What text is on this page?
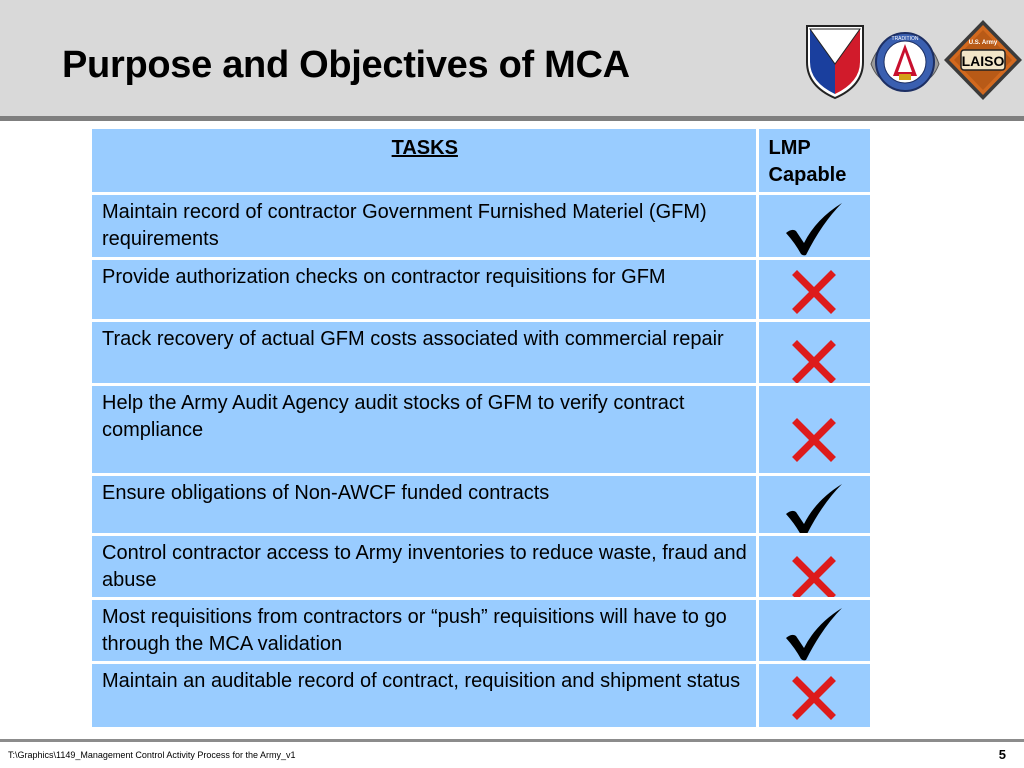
Purpose and Objectives of MCA
TRADITION
LAISO
U.S. Army
TASKS	LMP Capable
Maintain record of contractor Government Furnished Materiel (GFM) requirements	

Provide authorization checks on contractor requisitions for GFM	

Track recovery of actual GFM costs associated with commercial repair	

Help the Army Audit Agency audit stocks of GFM to verify contract compliance	

Ensure obligations of Non-AWCF funded contracts	

Control contractor access to Army inventories to reduce waste, fraud and abuse	

Most requisitions from contractors or “push” requisitions will have to go through the MCA validation	

Maintain an auditable record of contract, requisition and shipment status	
T:\Graphics\1149_Management Control Activity Process for the Army_v1	5
